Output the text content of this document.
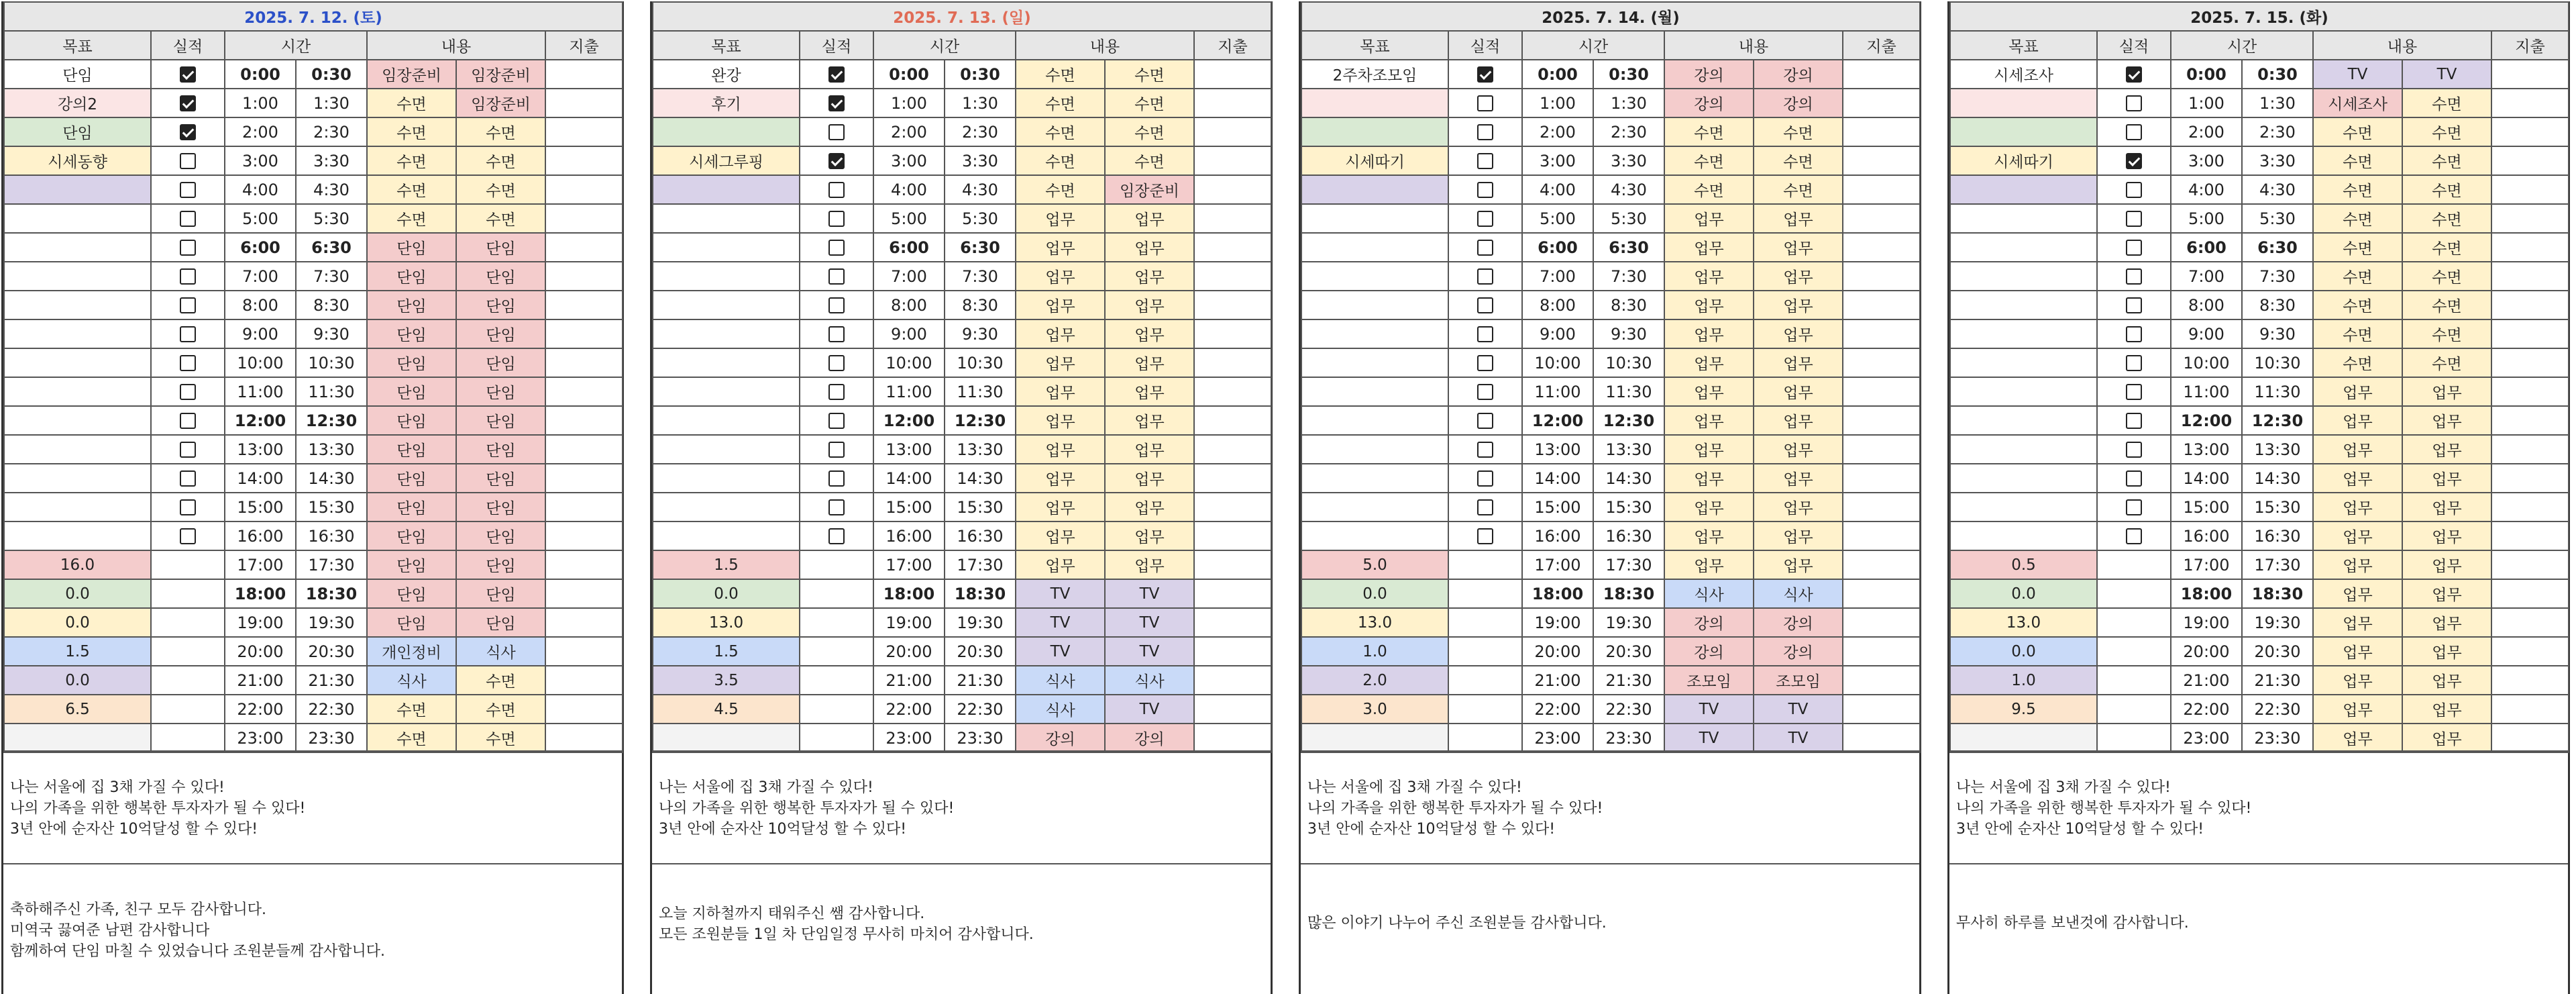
2025. 7. 12. (토)						
목표	실적	시간		내용		지출
단임		0:00	0:30	임장준비	임장준비	
강의2		1:00	1:30	수면	임장준비	
단임		2:00	2:30	수면	수면	
시세동향		3:00	3:30	수면	수면	
		4:00	4:30	수면	수면	
		5:00	5:30	수면	수면	
		6:00	6:30	단임	단임	
		7:00	7:30	단임	단임	
		8:00	8:30	단임	단임	
		9:00	9:30	단임	단임	
		10:00	10:30	단임	단임	
		11:00	11:30	단임	단임	
		12:00	12:30	단임	단임	
		13:00	13:30	단임	단임	
		14:00	14:30	단임	단임	
		15:00	15:30	단임	단임	
		16:00	16:30	단임	단임	
16.0		17:00	17:30	단임	단임	
0.0		18:00	18:30	단임	단임	
0.0		19:00	19:30	단임	단임	
1.5		20:00	20:30	개인정비	식사	
0.0		21:00	21:30	식사	수면	
6.5		22:00	22:30	수면	수면	
		23:00	23:30	수면	수면	
나는 서울에 집 3채 가질 수 있다!
나의 가족을 위한 행복한 투자자가 될 수 있다!
3년 안에 순자산 10억달성 할 수 있다!
축하해주신 가족, 친구 모두 감사합니다.
미역국 끓여준 남편 감사합니다
함께하여 단임 마칠 수 있었습니다 조원분들께 감사합니다.
2025. 7. 13. (일)						
목표	실적	시간		내용		지출
완강		0:00	0:30	수면	수면	
후기		1:00	1:30	수면	수면	
		2:00	2:30	수면	수면	
시세그루핑		3:00	3:30	수면	수면	
		4:00	4:30	수면	임장준비	
		5:00	5:30	업무	업무	
		6:00	6:30	업무	업무	
		7:00	7:30	업무	업무	
		8:00	8:30	업무	업무	
		9:00	9:30	업무	업무	
		10:00	10:30	업무	업무	
		11:00	11:30	업무	업무	
		12:00	12:30	업무	업무	
		13:00	13:30	업무	업무	
		14:00	14:30	업무	업무	
		15:00	15:30	업무	업무	
		16:00	16:30	업무	업무	
1.5		17:00	17:30	업무	업무	
0.0		18:00	18:30	TV	TV	
13.0		19:00	19:30	TV	TV	
1.5		20:00	20:30	TV	TV	
3.5		21:00	21:30	식사	식사	
4.5		22:00	22:30	식사	TV	
		23:00	23:30	강의	강의	
나는 서울에 집 3채 가질 수 있다!
나의 가족을 위한 행복한 투자자가 될 수 있다!
3년 안에 순자산 10억달성 할 수 있다!
오늘 지하철까지 태워주신 쌤 감사합니다.
모든 조원분들 1일 차 단임일정 무사히 마치어 감사합니다.
2025. 7. 14. (월)						
목표	실적	시간		내용		지출
2주차조모임		0:00	0:30	강의	강의	
		1:00	1:30	강의	강의	
		2:00	2:30	수면	수면	
시세따기		3:00	3:30	수면	수면	
		4:00	4:30	수면	수면	
		5:00	5:30	업무	업무	
		6:00	6:30	업무	업무	
		7:00	7:30	업무	업무	
		8:00	8:30	업무	업무	
		9:00	9:30	업무	업무	
		10:00	10:30	업무	업무	
		11:00	11:30	업무	업무	
		12:00	12:30	업무	업무	
		13:00	13:30	업무	업무	
		14:00	14:30	업무	업무	
		15:00	15:30	업무	업무	
		16:00	16:30	업무	업무	
5.0		17:00	17:30	업무	업무	
0.0		18:00	18:30	식사	식사	
13.0		19:00	19:30	강의	강의	
1.0		20:00	20:30	강의	강의	
2.0		21:00	21:30	조모임	조모임	
3.0		22:00	22:30	TV	TV	
		23:00	23:30	TV	TV	
나는 서울에 집 3채 가질 수 있다!
나의 가족을 위한 행복한 투자자가 될 수 있다!
3년 안에 순자산 10억달성 할 수 있다!
많은 이야기 나누어 주신 조원분들 감사합니다.
2025. 7. 15. (화)						
목표	실적	시간		내용		지출
시세조사		0:00	0:30	TV	TV	
		1:00	1:30	시세조사	수면	
		2:00	2:30	수면	수면	
시세따기		3:00	3:30	수면	수면	
		4:00	4:30	수면	수면	
		5:00	5:30	수면	수면	
		6:00	6:30	수면	수면	
		7:00	7:30	수면	수면	
		8:00	8:30	수면	수면	
		9:00	9:30	수면	수면	
		10:00	10:30	수면	수면	
		11:00	11:30	업무	업무	
		12:00	12:30	업무	업무	
		13:00	13:30	업무	업무	
		14:00	14:30	업무	업무	
		15:00	15:30	업무	업무	
		16:00	16:30	업무	업무	
0.5		17:00	17:30	업무	업무	
0.0		18:00	18:30	업무	업무	
13.0		19:00	19:30	업무	업무	
0.0		20:00	20:30	업무	업무	
1.0		21:00	21:30	업무	업무	
9.5		22:00	22:30	업무	업무	
		23:00	23:30	업무	업무	
나는 서울에 집 3채 가질 수 있다!
나의 가족을 위한 행복한 투자자가 될 수 있다!
3년 안에 순자산 10억달성 할 수 있다!
무사히 하루를 보낸것에 감사합니다.
